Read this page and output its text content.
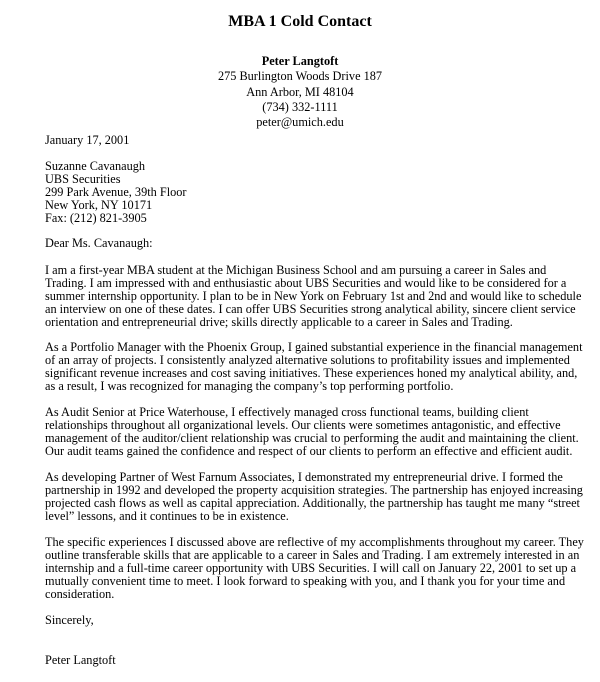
MBA 1 Cold Contact
Peter Langtoft
275 Burlington Woods Drive 187
Ann Arbor, MI 48104
(734) 332-1111
peter@umich.edu
January 17, 2001
Suzanne Cavanaugh
UBS Securities
299 Park Avenue, 39th Floor
New York, NY 10171
Fax: (212) 821-3905
Dear Ms. Cavanaugh:
I am a first-year MBA student at the Michigan Business School and am pursuing a career in Sales and
Trading. I am impressed with and enthusiastic about UBS Securities and would like to be considered for a
summer internship opportunity. I plan to be in New York on February 1st and 2nd and would like to schedule
an interview on one of these dates. I can offer UBS Securities strong analytical ability, sincere client service
orientation and entrepreneurial drive; skills directly applicable to a career in Sales and Trading.
As a Portfolio Manager with the Phoenix Group, I gained substantial experience in the financial management
of an array of projects. I consistently analyzed alternative solutions to profitability issues and implemented
significant revenue increases and cost saving initiatives. These experiences honed my analytical ability, and,
as a result, I was recognized for managing the company’s top performing portfolio.
As Audit Senior at Price Waterhouse, I effectively managed cross functional teams, building client
relationships throughout all organizational levels. Our clients were sometimes antagonistic, and effective
management of the auditor/client relationship was crucial to performing the audit and maintaining the client.
Our audit teams gained the confidence and respect of our clients to perform an effective and efficient audit.
As developing Partner of West Farnum Associates, I demonstrated my entrepreneurial drive. I formed the
partnership in 1992 and developed the property acquisition strategies. The partnership has enjoyed increasing
projected cash flows as well as capital appreciation. Additionally, the partnership has taught me many “street
level” lessons, and it continues to be in existence.
The specific experiences I discussed above are reflective of my accomplishments throughout my career. They
outline transferable skills that are applicable to a career in Sales and Trading. I am extremely interested in an
internship and a full-time career opportunity with UBS Securities. I will call on January 22, 2001 to set up a
mutually convenient time to meet. I look forward to speaking with you, and I thank you for your time and
consideration.
Sincerely,
Peter Langtoft
